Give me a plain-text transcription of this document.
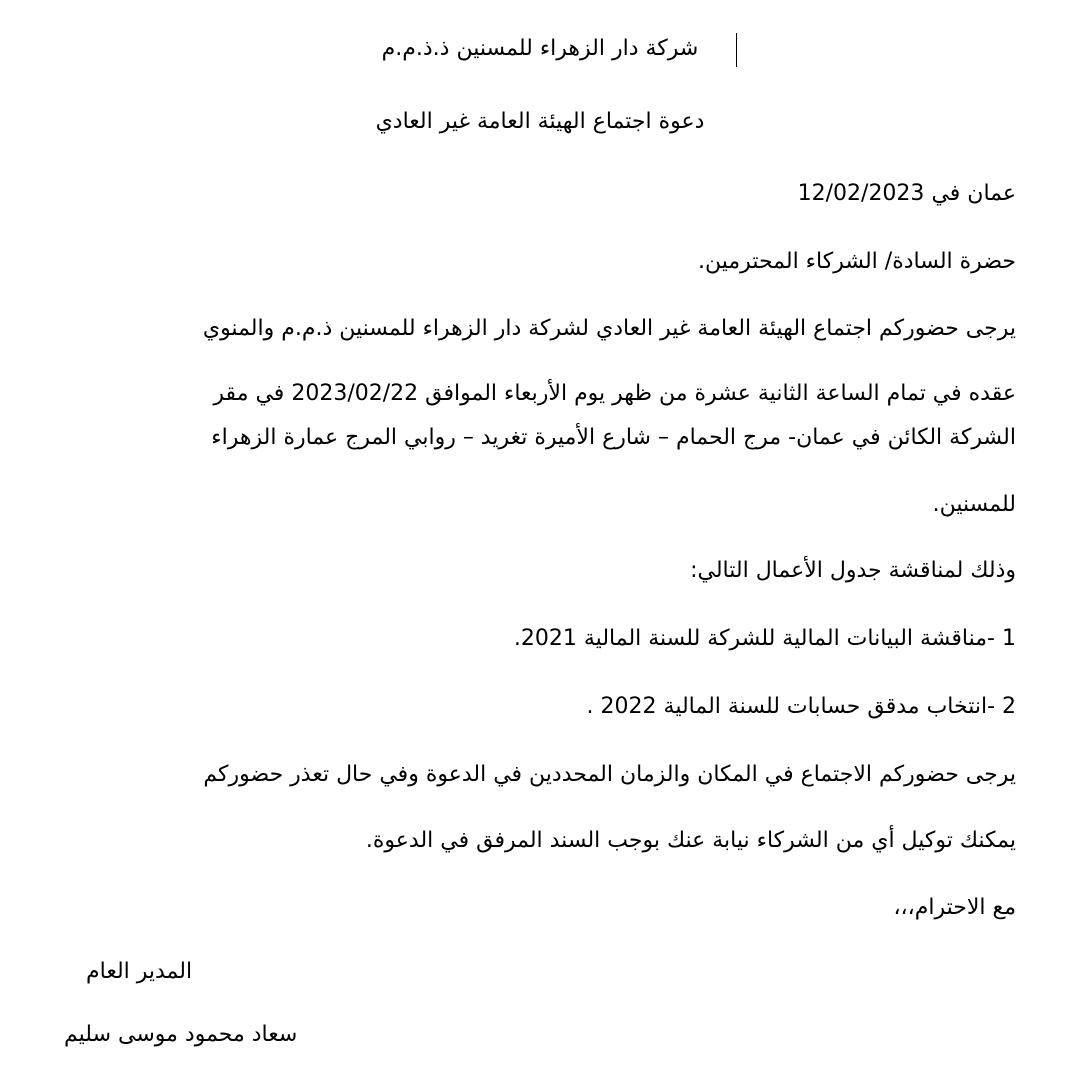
شركة دار الزهراء للمسنين ذ.ذ.م.م
دعوة اجتماع الهيئة العامة غير العادي
عمان في 12/02/2023
حضرة السادة/ الشركاء المحترمين.
يرجى حضوركم اجتماع الهيئة العامة غير العادي لشركة دار الزهراء للمسنين ذ.م.م والمنوي
عقده في تمام الساعة الثانية عشرة من ظهر يوم الأربعاء الموافق 2023/02/22 في مقر
الشركة الكائن في عمان- مرج الحمام – شارع الأميرة تغريد – روابي المرج عمارة الزهراء
للمسنين.
وذلك لمناقشة جدول الأعمال التالي:
1 -مناقشة البيانات المالية للشركة للسنة المالية 2021.
2 -انتخاب مدقق حسابات للسنة المالية 2022 .
يرجى حضوركم الاجتماع في المكان والزمان المحددين في الدعوة وفي حال تعذر حضوركم
يمكنك توكيل أي من الشركاء نيابة عنك بوجب السند المرفق في الدعوة.
مع الاحترام،،،
المدير العام
سعاد محمود موسى سليم
